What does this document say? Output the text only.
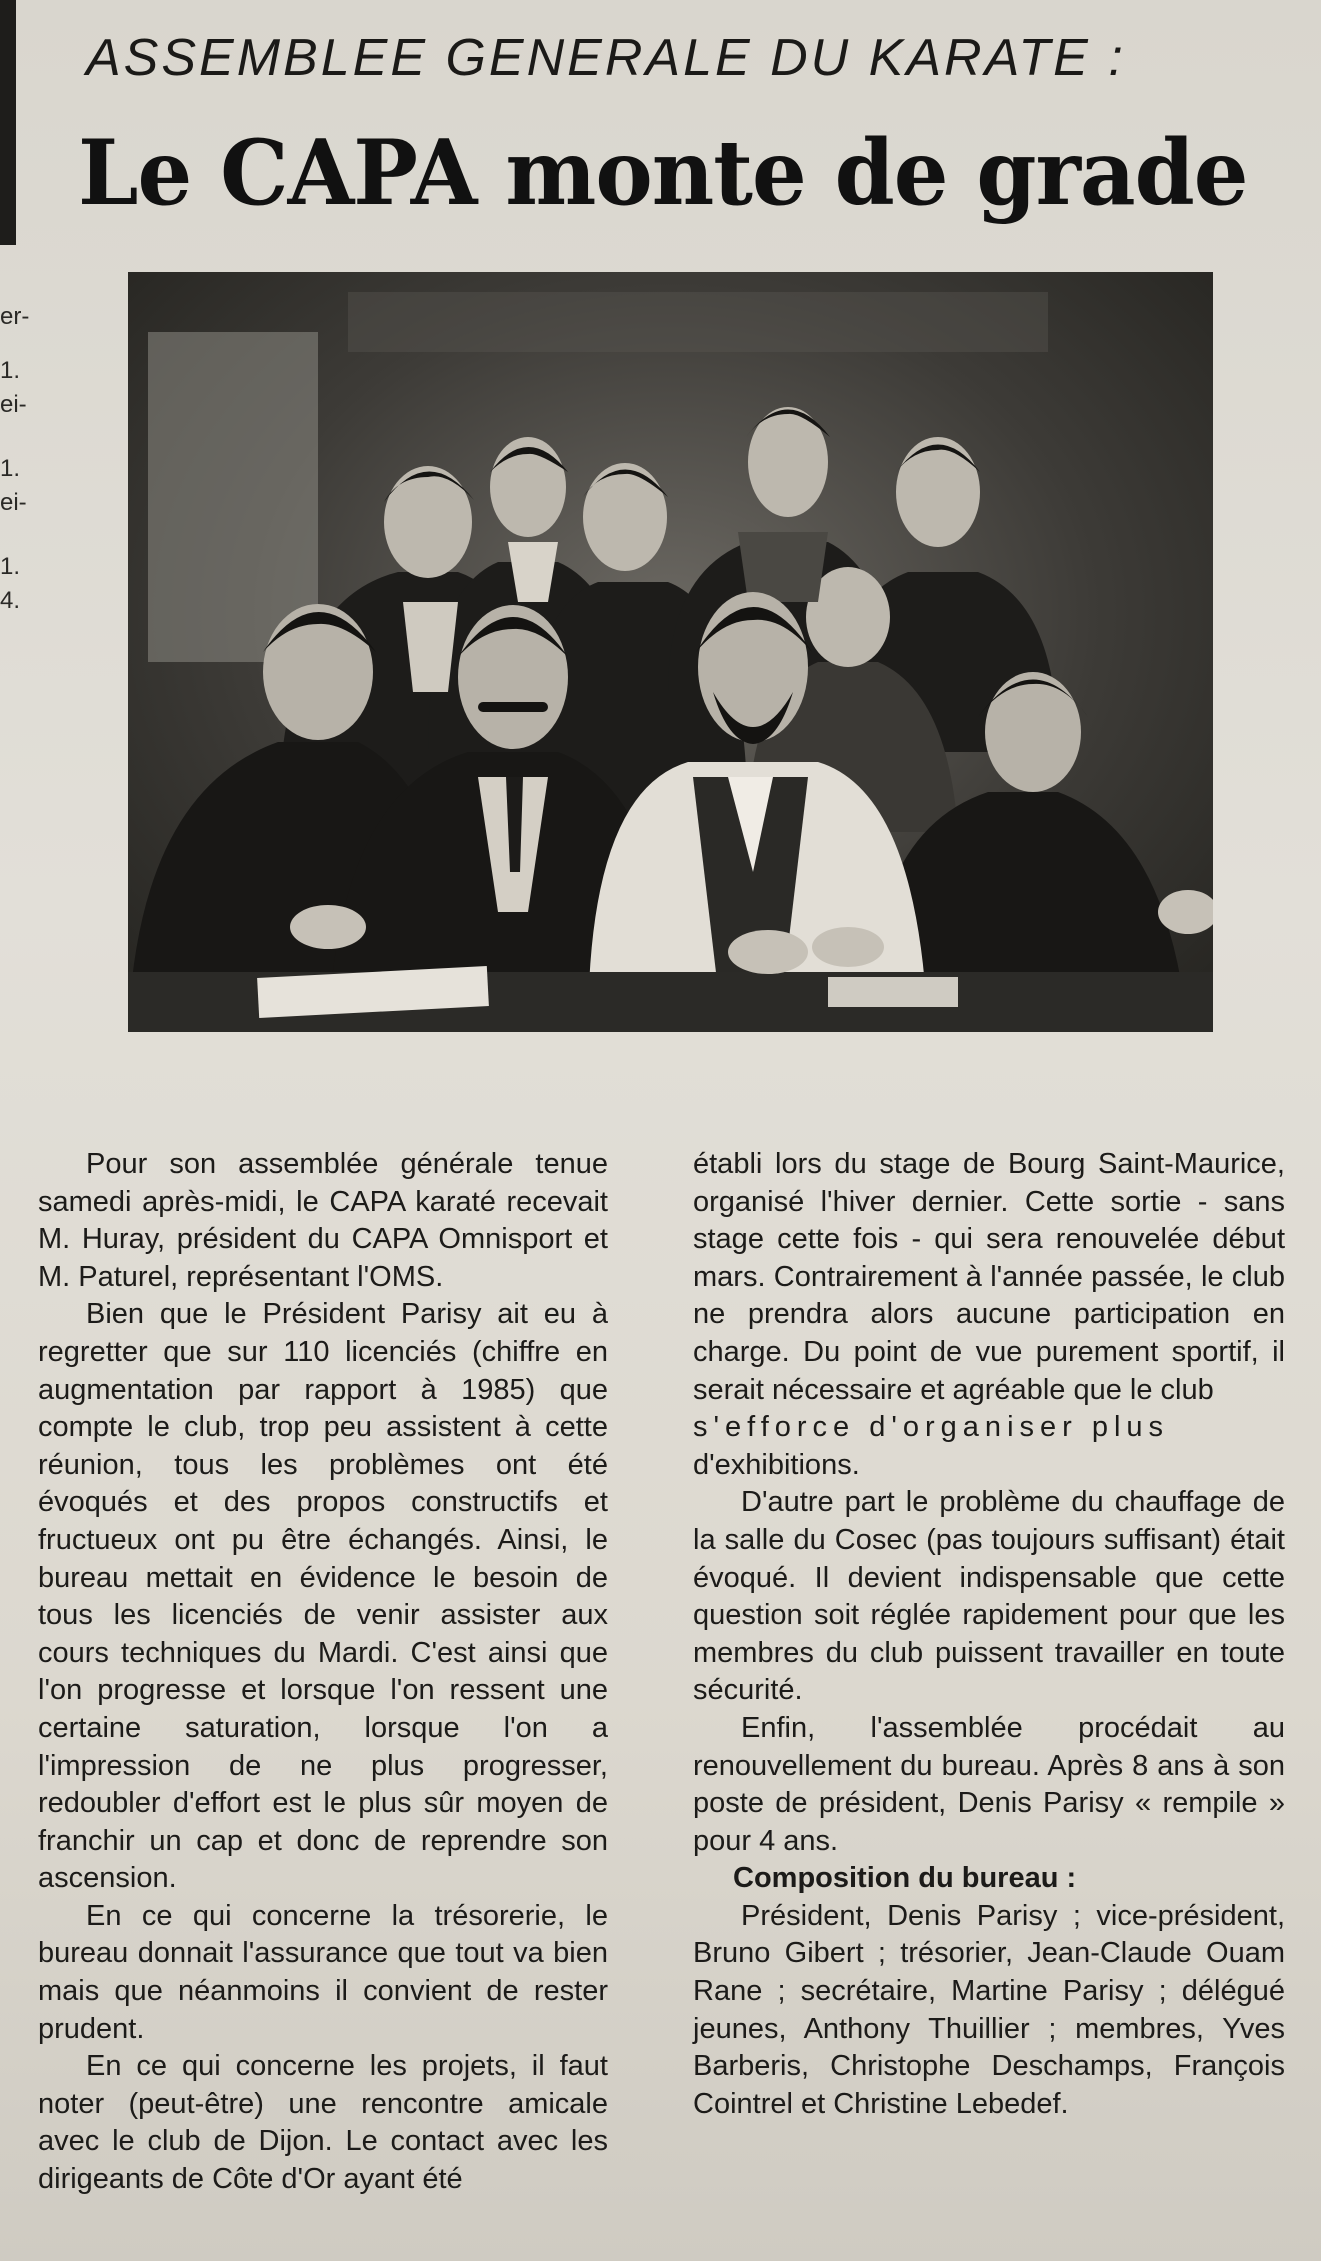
er-
1.
ei-
1.
ei-
1.
4.
ASSEMBLEE GENERALE DU KARATE :
Le CAPA monte de grade

Pour son assemblée générale tenue samedi après-midi, le CAPA karaté recevait M. Huray, président du CAPA Omnisport et M. Paturel, représentant l'OMS.

Bien que le Président Parisy ait eu à regretter que sur 110 licenciés (chiffre en augmentation par rapport à 1985) que compte le club, trop peu assistent à cette réunion, tous les problèmes ont été évoqués et des propos constructifs et fructueux ont pu être échangés. Ainsi, le bureau mettait en évidence le besoin de tous les licenciés de venir assister aux cours techniques du Mardi. C'est ainsi que l'on progresse et lorsque l'on ressent une certaine saturation, lorsque l'on a l'impression de ne plus progresser, redoubler d'effort est le plus sûr moyen de franchir un cap et donc de reprendre son ascension.

En ce qui concerne la trésorerie, le bureau donnait l'assurance que tout va bien mais que néanmoins il convient de rester prudent.

En ce qui concerne les projets, il faut noter (peut-être) une rencontre amicale avec le club de Dijon. Le contact avec les dirigeants de Côte d'Or ayant été

établi lors du stage de Bourg Saint-Maurice, organisé l'hiver dernier. Cette sortie - sans stage cette fois - qui sera renouvelée début mars. Contrairement à l'année passée, le club ne prendra alors aucune participation en charge. Du point de vue purement sportif, il serait nécessaire et agréable que le club

s'efforce d'organiser plus

d'exhibitions.

D'autre part le problème du chauffage de la salle du Cosec (pas toujours suffisant) était évoqué. Il devient indispensable que cette question soit réglée rapidement pour que les membres du club puissent travailler en toute sécurité.

Enfin, l'assemblée procédait au renouvellement du bureau. Après 8 ans à son poste de président, Denis Parisy « rempile » pour 4 ans.

Composition du bureau :

Président, Denis Parisy ; vice-président, Bruno Gibert ; trésorier, Jean-Claude Ouam Rane ; secrétaire, Martine Parisy ; délégué jeunes, Anthony Thuillier ; membres, Yves Barberis, Christophe Deschamps, François Cointrel et Christine Lebedef.
